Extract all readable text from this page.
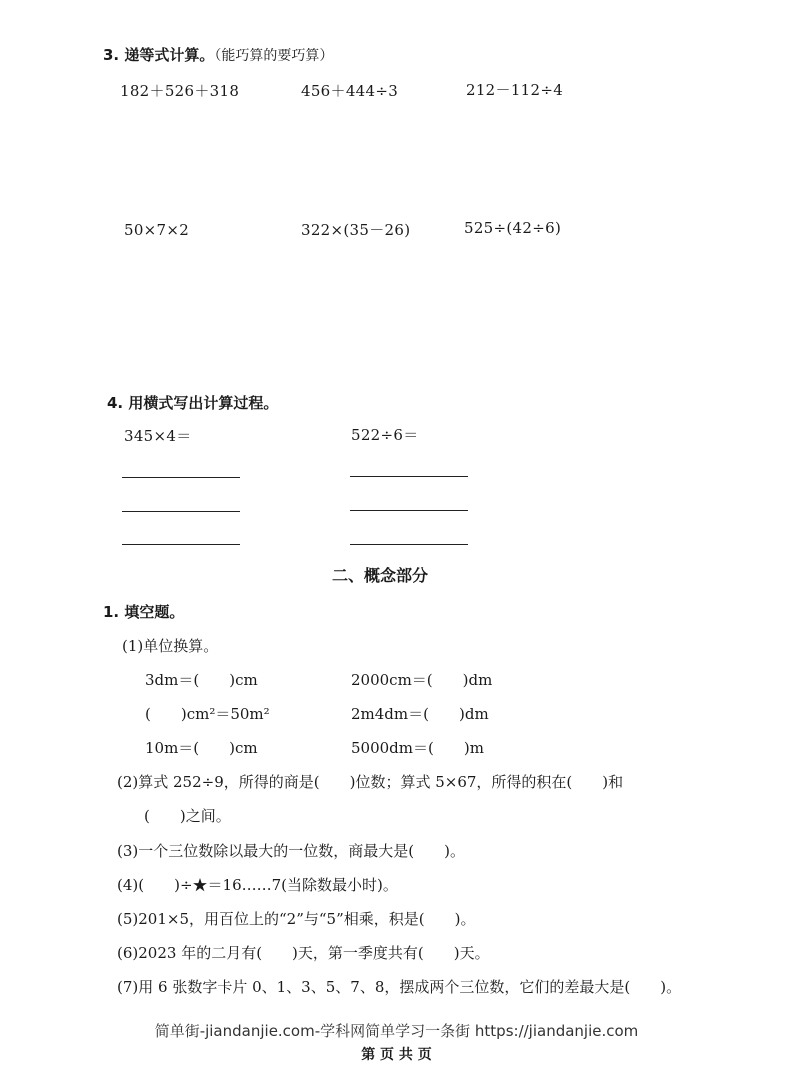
3. 递等式计算。（能巧算的要巧算）
182＋526＋318	456＋444÷3	212－112÷4
50×7×2	322×(35－26)	525÷(42÷6)
4. 用横式写出计算过程。
345×4＝	522÷6＝
二、概念部分
1. 填空题。
(1)单位换算。
3dm＝(　　)cm	2000cm＝(　　)dm
(　　)cm²＝50m²	2m4dm＝(　　)dm
10m＝(　　)cm	5000dm＝(　　)m
(2)算式 252÷9，所得的商是(　　)位数；算式 5×67，所得的积在(　　)和
(　　)之间。
(3)一个三位数除以最大的一位数，商最大是(　　)。
(4)(　　)÷★＝16……7(当除数最小时)。
(5)201×5，用百位上的“2”与“5”相乘，积是(　　)。
(6)2023 年的二月有(　　)天，第一季度共有(　　)天。
(7)用 6 张数字卡片 0、1、3、5、7、8，摆成两个三位数，它们的差最大是(　　)。
简单街-jiandanjie.com-学科网简单学习一条街 https://jiandanjie.com
第 页 共 页
